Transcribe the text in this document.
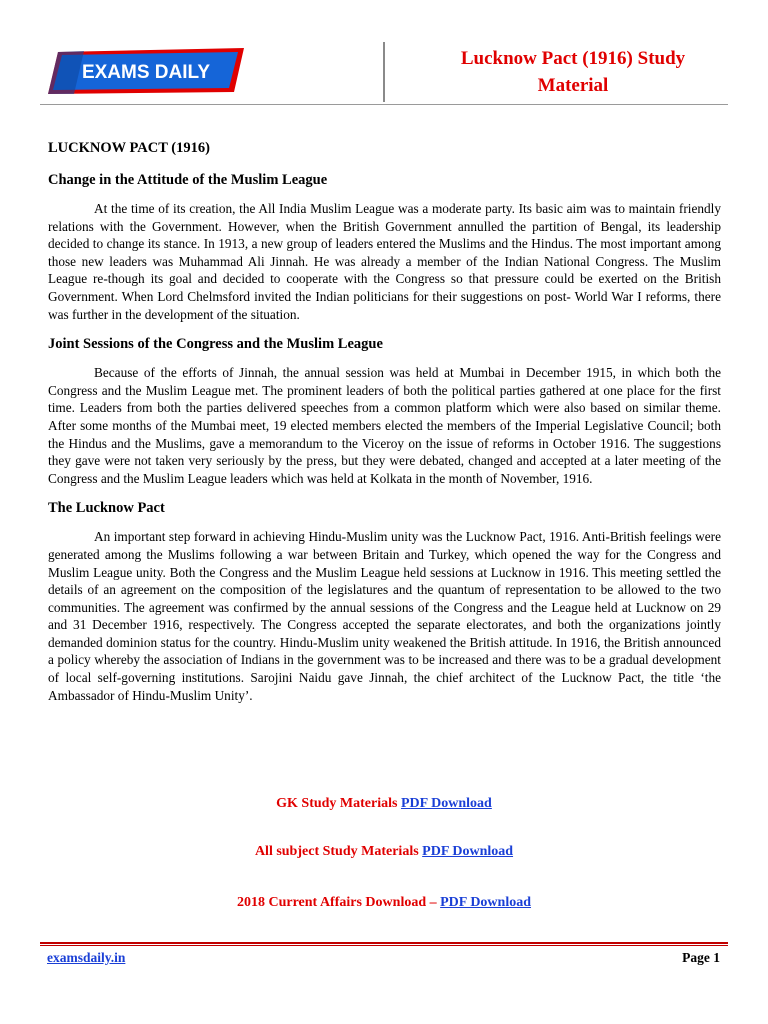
EXAMS DAILY
Lucknow Pact (1916) Study
Material
LUCKNOW PACT (1916)
Change in the Attitude of the Muslim League

At the time of its creation, the All India Muslim League was a moderate party. Its basic aim was to maintain friendly relations with the Government. However, when the British Government annulled the partition of Bengal, its leadership decided to change its stance. In 1913, a new group of leaders entered the Muslims and the Hindus. The most important among those new leaders was Muhammad Ali Jinnah. He was already a member of the Indian National Congress. The Muslim League re-though its goal and decided to cooperate with the Congress so that pressure could be exerted on the British Government. When Lord Chelmsford invited the Indian politicians for their suggestions on post- World War I reforms, there was further in the development of the situation.

Joint Sessions of the Congress and the Muslim League

Because of the efforts of Jinnah, the annual session was held at Mumbai in December 1915, in which both the Congress and the Muslim League met. The prominent leaders of both the political parties gathered at one place for the first time. Leaders from both the parties delivered speeches from a common platform which were also based on similar theme. After some months of the Mumbai meet, 19 elected members elected the members of the Imperial Legislative Council; both the Hindus and the Muslims, gave a memorandum to the Viceroy on the issue of reforms in October 1916. The suggestions they gave were not taken very seriously by the press, but they were debated, changed and accepted at a later meeting of the Congress and the Muslim League leaders which was held at Kolkata in the month of November, 1916.

The Lucknow Pact

An important step forward in achieving Hindu-Muslim unity was the Lucknow Pact, 1916. Anti-British feelings were generated among the Muslims following a war between Britain and Turkey, which opened the way for the Congress and Muslim League unity. Both the Congress and the Muslim League held sessions at Lucknow in 1916. This meeting settled the details of an agreement on the composition of the legislatures and the quantum of representation to be allowed to the two communities. The agreement was confirmed by the annual sessions of the Congress and the League held at Lucknow on 29 and 31 December 1916, respectively. The Congress accepted the separate electorates, and both the organizations jointly demanded dominion status for the country. Hindu-Muslim unity weakened the British attitude. In 1916, the British announced a policy whereby the association of Indians in the government was to be increased and there was to be a gradual development of local self-governing institutions. Sarojini Naidu gave Jinnah, the chief architect of the Lucknow Pact, the title ‘the Ambassador of Hindu-Muslim Unity’.

GK Study Materials PDF Download
All subject Study Materials PDF Download
2018 Current Affairs Download – PDF Download
examsdaily.in	Page 1
